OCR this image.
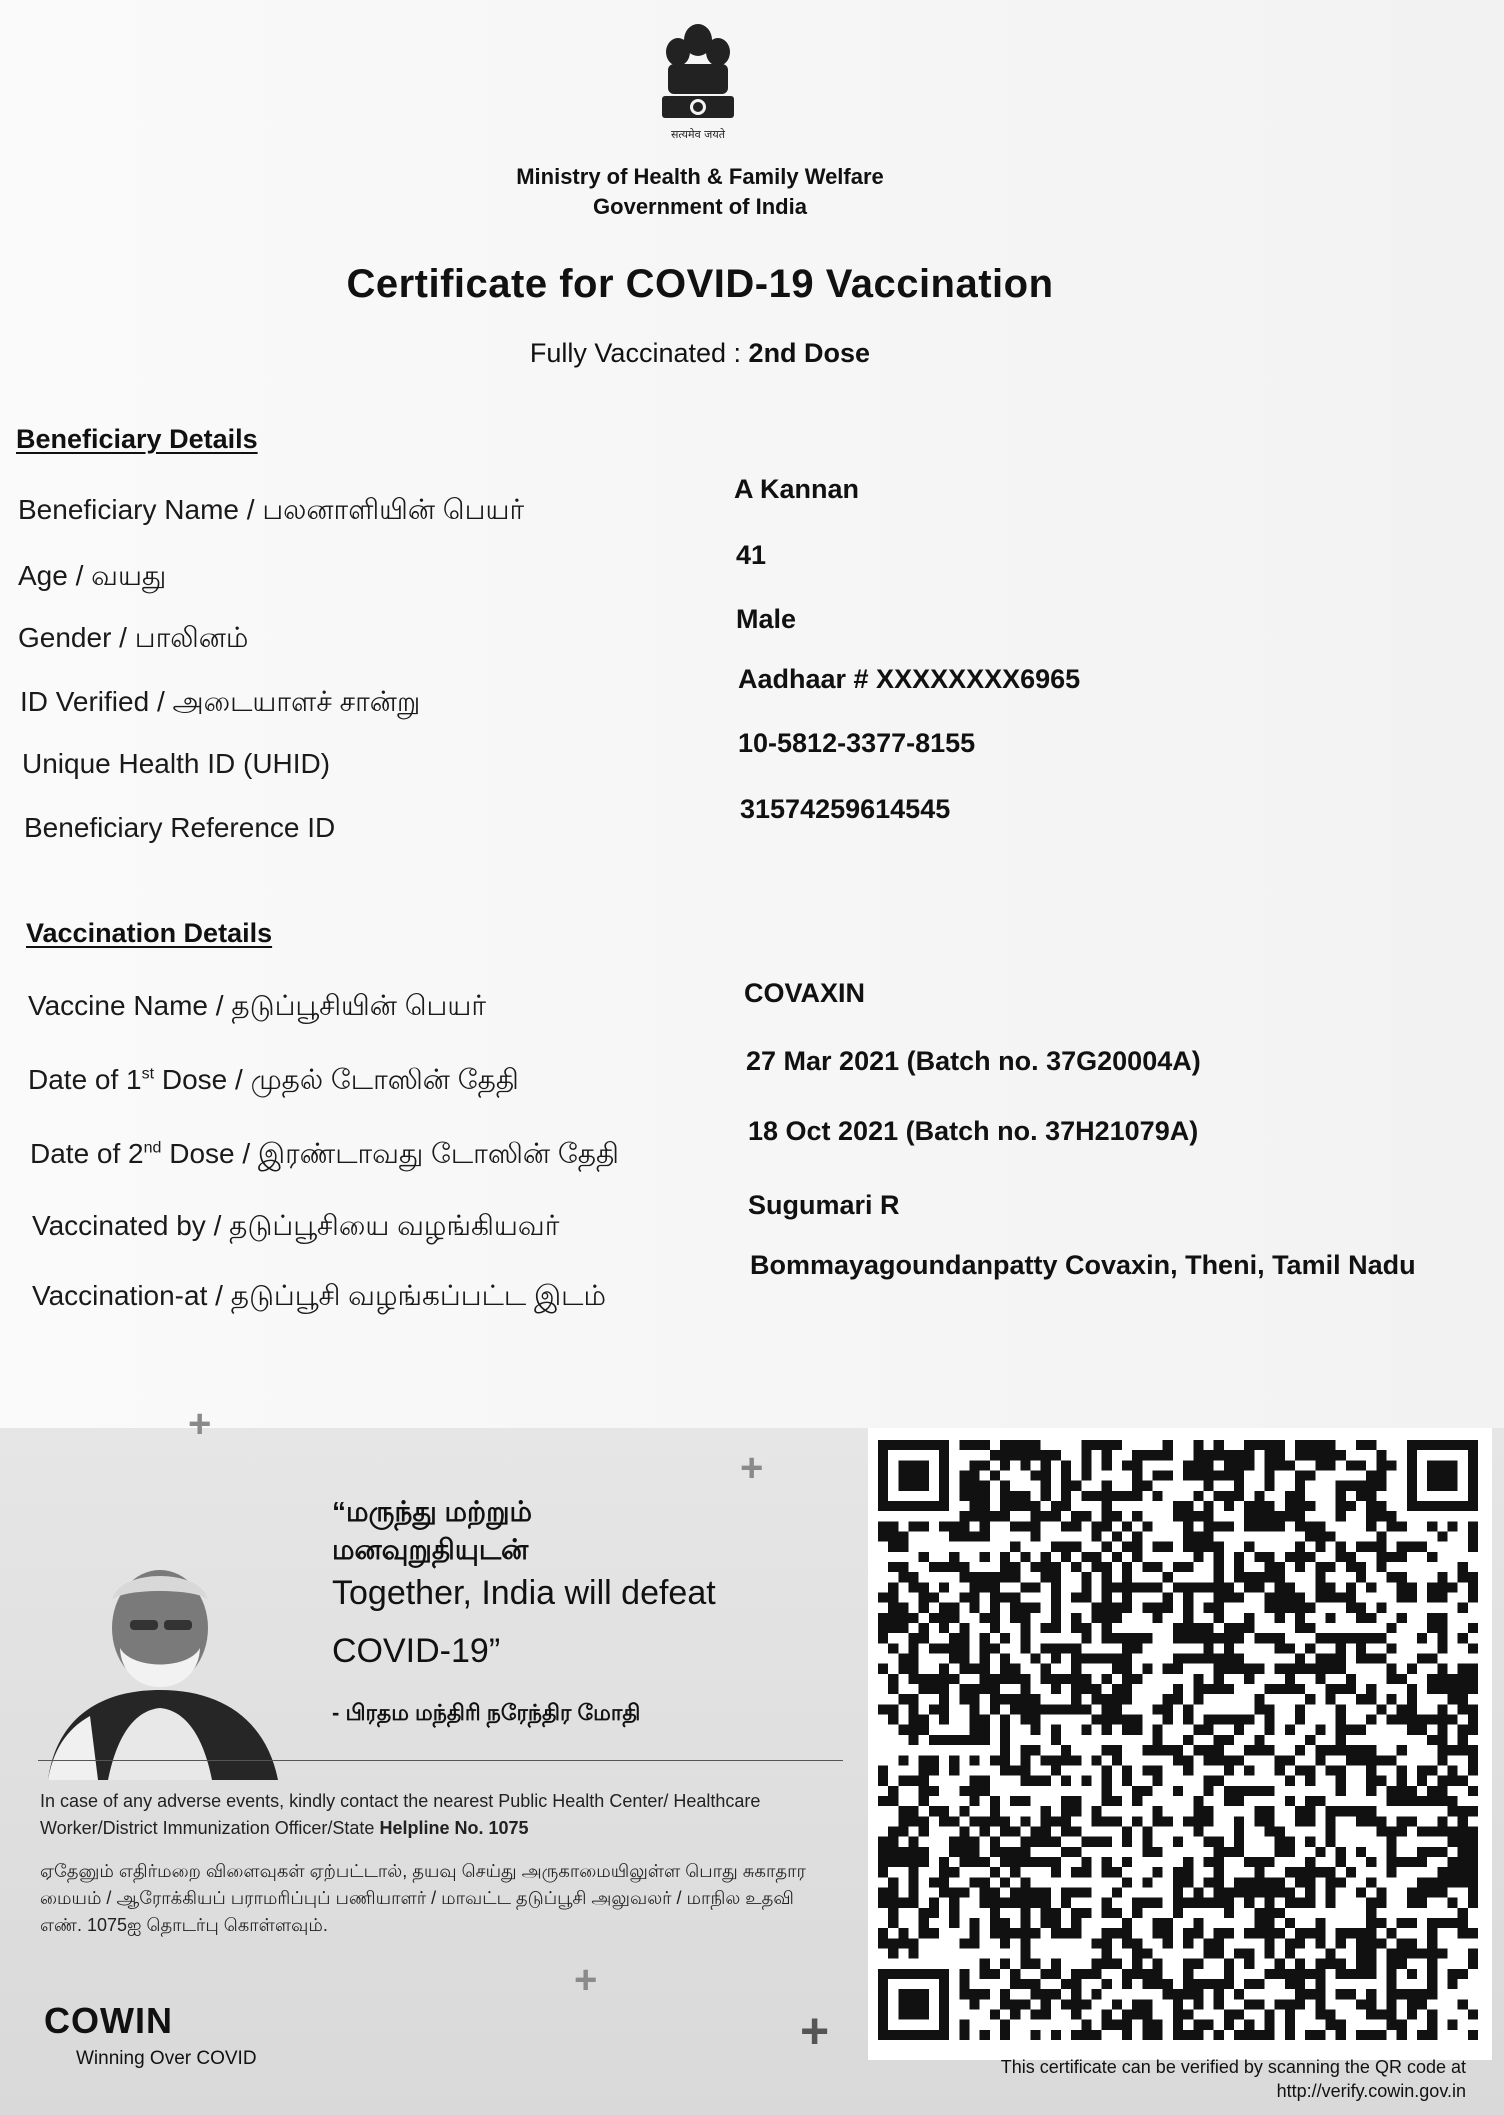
सत्यमेव जयते
Ministry of Health & Family Welfare
Government of India
Certificate for COVID-19 Vaccination
Fully Vaccinated : 2nd Dose
Beneficiary Details
Beneficiary Name / பலனாளியின் பெயர்
A Kannan
Age / வயது
41
Gender / பாலினம்
Male
ID Verified / அடையாளச் சான்று
Aadhaar # XXXXXXXX6965
Unique Health ID (UHID)
10-5812-3377-8155
Beneficiary Reference ID
31574259614545
Vaccination Details
Vaccine Name / தடுப்பூசியின் பெயர்	COVAXIN
Date of 1st Dose / முதல் டோஸின் தேதி
27 Mar 2021 (Batch no. 37G20004A)
Date of 2nd Dose / இரண்டாவது டோஸின் தேதி
18 Oct 2021 (Batch no. 37H21079A)
Vaccinated by / தடுப்பூசியை வழங்கியவர்
Sugumari R
Vaccination-at / தடுப்பூசி வழங்கப்பட்ட இடம்
Bommayagoundanpatty Covaxin, Theni, Tamil Nadu
+
+
+
+
“மருந்து மற்றும்
மனவுறுதியுடன்
Together, India will defeat
COVID-19”
- பிரதம மந்திரி நரேந்திர மோதி
In case of any adverse events, kindly contact the nearest Public Health Center/ Healthcare Worker/District Immunization Officer/State Helpline No. 1075
ஏதேனும் எதிர்மறை விளைவுகள் ஏற்பட்டால், தயவு செய்து அருகாமையிலுள்ள பொது சுகாதார மையம் / ஆரோக்கியப் பராமரிப்புப் பணியாளர் / மாவட்ட தடுப்பூசி அலுவலர் / மாநில உதவி எண். 1075ஐ தொடர்பு கொள்ளவும்.
COWIN
Winning Over COVID	This certificate can be verified by scanning the QR code at
http://verify.cowin.gov.in
